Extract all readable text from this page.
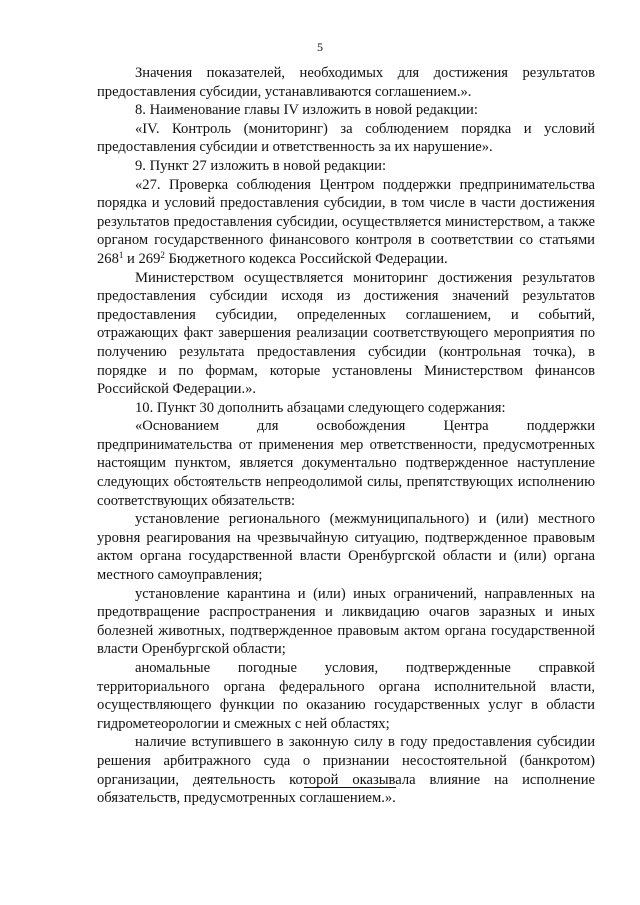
5

Значения показателей, необходимых для достижения результатов предоставления субсидии, устанавливаются соглашением.».

8. Наименование главы IV изложить в новой редакции:

«IV. Контроль (мониторинг) за соблюдением порядка и условий предоставления субсидии и ответственность за их нарушение».

9. Пункт 27 изложить в новой редакции:

«27. Проверка соблюдения Центром поддержки предпринимательства порядка и условий предоставления субсидии, в том числе в части достижения результатов предоставления субсидии, осуществляется министерством, а также органом государственного финансового контроля в соответствии со статьями $268^1$ и $269^2$ Бюджетного кодекса Российской Федерации.

Министерством осуществляется мониторинг достижения результатов предоставления субсидии исходя из достижения значений результатов предоставления субсидии, определенных соглашением, и событий, отражающих факт завершения реализации соответствующего мероприятия по получению результата предоставления субсидии (контрольная точка), в порядке и по формам, которые установлены Министерством финансов Российской Федерации.».

10. Пункт 30 дополнить абзацами следующего содержания:

«Основанием для освобождения Центра поддержки предпринимательства от применения мер ответственности, предусмотренных настоящим пунктом, является документально подтвержденное наступление следующих обстоятельств непреодолимой силы, препятствующих исполнению соответствующих обязательств:

установление регионального (межмуниципального) и (или) местного уровня реагирования на чрезвычайную ситуацию, подтвержденное правовым актом органа государственной власти Оренбургской области и (или) органа местного самоуправления;

установление карантина и (или) иных ограничений, направленных на предотвращение распространения и ликвидацию очагов заразных и иных болезней животных, подтвержденное правовым актом органа государственной власти Оренбургской области;

аномальные погодные условия, подтвержденные справкой территориального органа федерального органа исполнительной власти, осуществляющего функции по оказанию государственных услуг в области гидрометеорологии и смежных с ней областях;

наличие вступившего в законную силу в году предоставления субсидии решения арбитражного суда о признании несостоятельной (банкротом) организации, деятельность которой оказывала влияние на исполнение обязательств, предусмотренных соглашением.».
